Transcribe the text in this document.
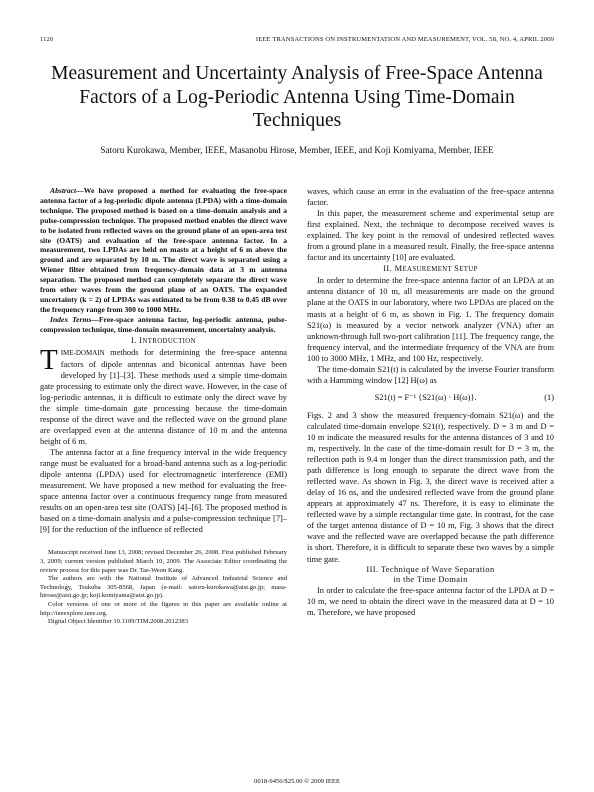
1120	IEEE TRANSACTIONS ON INSTRUMENTATION AND MEASUREMENT, VOL. 58, NO. 4, APRIL 2009
Measurement and Uncertainty Analysis of Free-Space Antenna Factors of a Log-Periodic Antenna Using Time-Domain Techniques
Satoru Kurokawa, Member, IEEE, Masanobu Hirose, Member, IEEE, and Koji Komiyama, Member, IEEE

Abstract—We have proposed a method for evaluating the free-space antenna factor of a log-periodic dipole antenna (LPDA) with a time-domain technique. The proposed method is based on a time-domain analysis and a pulse-compression technique. The proposed method enables the direct wave to be isolated from reflected waves on the ground plane of an open-area test site (OATS) and evaluation of the free-space antenna factor. In a measurement, two LPDAs are held on masts at a height of 6 m above the ground and are separated by 10 m. The direct wave is separated using a Wiener filter obtained from frequency-domain data at 3 m antenna separation. The proposed method can completely separate the direct wave from other waves from the ground plane of an OATS. The expanded uncertainty (k = 2) of LPDAs was estimated to be from 0.38 to 0.45 dB over the frequency range from 300 to 1000 MHz.

Index Terms—Free-space antenna factor, log-periodic antenna, pulse-compression technique, time-domain measurement, uncertainty analysis.

I. INTRODUCTION

TIME-DOMAIN methods for determining the free-space antenna factors of dipole antennas and biconical antennas have been developed by [1]–[3]. These methods used a simple time-domain gate processing to estimate only the direct wave. However, in the case of log-periodic antennas, it is difficult to estimate only the direct wave by the simple time-domain gate processing because the time-domain response of the direct wave and the reflected wave on the ground plane are overlapped even at the antenna distance of 10 m and the antenna height of 6 m.

The antenna factor at a fine frequency interval in the wide frequency range must be evaluated for a broad-band antenna such as a log-periodic dipole antenna (LPDA) used for electromagnetic interference (EMI) measurement. We have proposed a new method for evaluating the free-space antenna factor over a continuous frequency range from measured results on an open-area test site (OATS) [4]–[6]. The proposed method is based on a time-domain analysis and a pulse-compression technique [7]–[9] for the reduction of the influence of reflected

Manuscript received June 13, 2008; revised December 26, 2008. First published February 3, 2009; current version published March 10, 2009. The Associate Editor coordinating the review process for this paper was Dr. Tae-Weon Kang.

The authors are with the National Institute of Advanced Industrial Science and Technology, Tsukuba 305-8568, Japan (e-mail: satoru-kurokawa@aist.go.jp; masa-hirose@aist.go.jp; koji.komiyama@aist.go.jp).

Color versions of one or more of the figures in this paper are available online at http://ieeexplore.ieee.org.

Digital Object Identifier 10.1109/TIM.2008.2012383

waves, which cause an error in the evaluation of the free-space antenna factor.

In this paper, the measurement scheme and experimental setup are first explained. Next, the technique to decompose received waves is explained. The key point is the removal of undesired reflected waves from a ground plane in a measured result. Finally, the free-space antenna factor and its uncertainty [10] are evaluated.

II. MEASUREMENT SETUP

In order to determine the free-space antenna factor of an LPDA at an antenna distance of 10 m, all measurements are made on the ground plane at the OATS in our laboratory, where two LPDAs are placed on the masts at a height of 6 m, as shown in Fig. 1. The frequency domain S21(ω) is measured by a vector network analyzer (VNA) after an unknown-through full two-port calibration [11]. The frequency range, the frequency interval, and the intermediate frequency of the VNA are from 100 to 3000 MHz, 1 MHz, and 100 Hz, respectively.

The time-domain S21(t) is calculated by the inverse Fourier transform with a Hamming window [12] H(ω) as

S21(t) = F⁻¹ {S21(ω) · H(ω)}.	(1)

Figs. 2 and 3 show the measured frequency-domain S21(ω) and the calculated time-domain envelope S21(t), respectively. D = 3 m and D = 10 m indicate the measured results for the antenna distances of 3 and 10 m, respectively. In the case of the time-domain result for D = 3 m, the reflection path is 9.4 m longer than the direct transmission path, and the path difference is long enough to separate the direct wave from the reflected wave. As shown in Fig. 3, the direct wave is received after a delay of 16 ns, and the undesired reflected wave from the ground plane appears at approximately 47 ns. Therefore, it is easy to eliminate the reflected wave by a simple rectangular time gate. In contrast, for the case of the target antenna distance of D = 10 m, Fig. 3 shows that the direct wave and the reflected wave are overlapped because the path difference is short. Therefore, it is difficult to separate these two waves by a simple time gate.

III. Technique of Wave Separation
in the Time Domain

In order to calculate the free-space antenna factor of the LPDA at D = 10 m, we need to obtain the direct wave in the measured data at D = 10 m. Therefore, we have proposed

0018-9456/$25.00 © 2009 IEEE
